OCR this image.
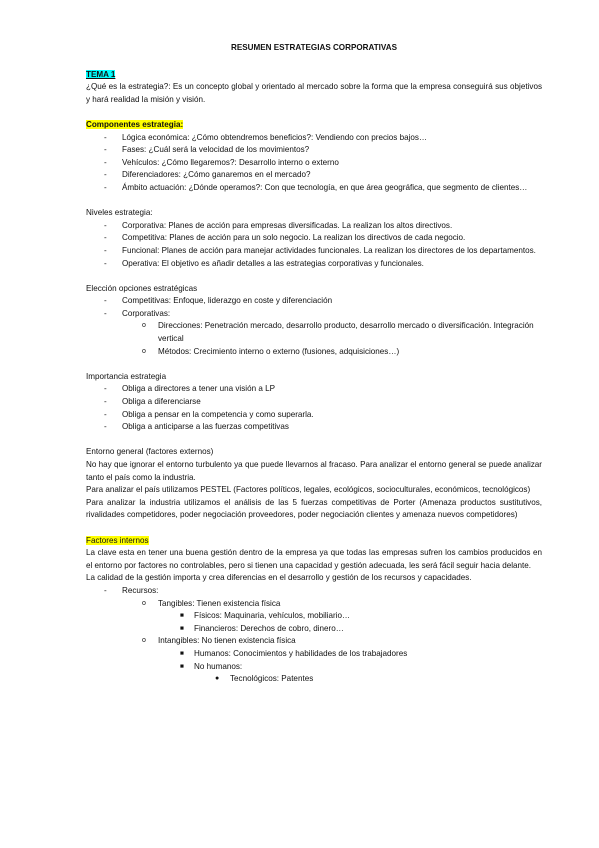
RESUMEN ESTRATEGIAS CORPORATIVAS

TEMA 1

¿Qué es la estrategia?: Es un concepto global y orientado al mercado sobre la forma que la empresa conseguirá sus objetivos y hará realidad la misión y visión.

Componentes estrategia:

- Lógica económica: ¿Cómo obtendremos beneficios?: Vendiendo con precios bajos…
- Fases: ¿Cuál será la velocidad de los movimientos?
- Vehículos: ¿Cómo llegaremos?: Desarrollo interno o externo
- Diferenciadores: ¿Cómo ganaremos en el mercado?
- Ámbito actuación: ¿Dónde operamos?: Con que tecnología, en que área geográfica, que segmento de clientes…

Niveles estrategia:

- Corporativa: Planes de acción para empresas diversificadas. La realizan los altos directivos.
- Competitiva: Planes de acción para un solo negocio. La realizan los directivos de cada negocio.
- Funcional: Planes de acción para manejar actividades funcionales. La realizan los directores de los departamentos.
- Operativa: El objetivo es añadir detalles a las estrategias corporativas y funcionales.

Elección opciones estratégicas

- Competitivas: Enfoque, liderazgo en coste y diferenciación
- Corporativas:
o Direcciones: Penetración mercado, desarrollo producto, desarrollo mercado o diversificación. Integración vertical
o Métodos: Crecimiento interno o externo (fusiones, adquisiciones…)

Importancia estrategia

- Obliga a directores a tener una visión a LP
- Obliga a diferenciarse
- Obliga a pensar en la competencia y como superarla.
- Obliga a anticiparse a las fuerzas competitivas

Entorno general (factores externos)

No hay que ignorar el entorno turbulento ya que puede llevarnos al fracaso. Para analizar el entorno general se puede analizar tanto el país como la industria.

Para analizar el país utilizamos PESTEL (Factores políticos, legales, ecológicos, socioculturales, económicos, tecnológicos)

Para analizar la industria utilizamos el análisis de las 5 fuerzas competitivas de Porter (Amenaza productos sustitutivos, rivalidades competidores, poder negociación proveedores, poder negociación clientes y amenaza nuevos competidores)

Factores internos

La clave esta en tener una buena gestión dentro de la empresa ya que todas las empresas sufren los cambios producidos en el entorno por factores no controlables, pero si tienen una capacidad y gestión adecuada, les será fácil seguir hacia delante.

La calidad de la gestión importa y crea diferencias en el desarrollo y gestión de los recursos y capacidades.

- Recursos:
o Tangibles: Tienen existencia física
■ Físicos: Maquinaria, vehículos, mobiliario…
■ Financieros: Derechos de cobro, dinero…
o Intangibles: No tienen existencia física
■ Humanos: Conocimientos y habilidades de los trabajadores
■ No humanos:
● Tecnológicos: Patentes
